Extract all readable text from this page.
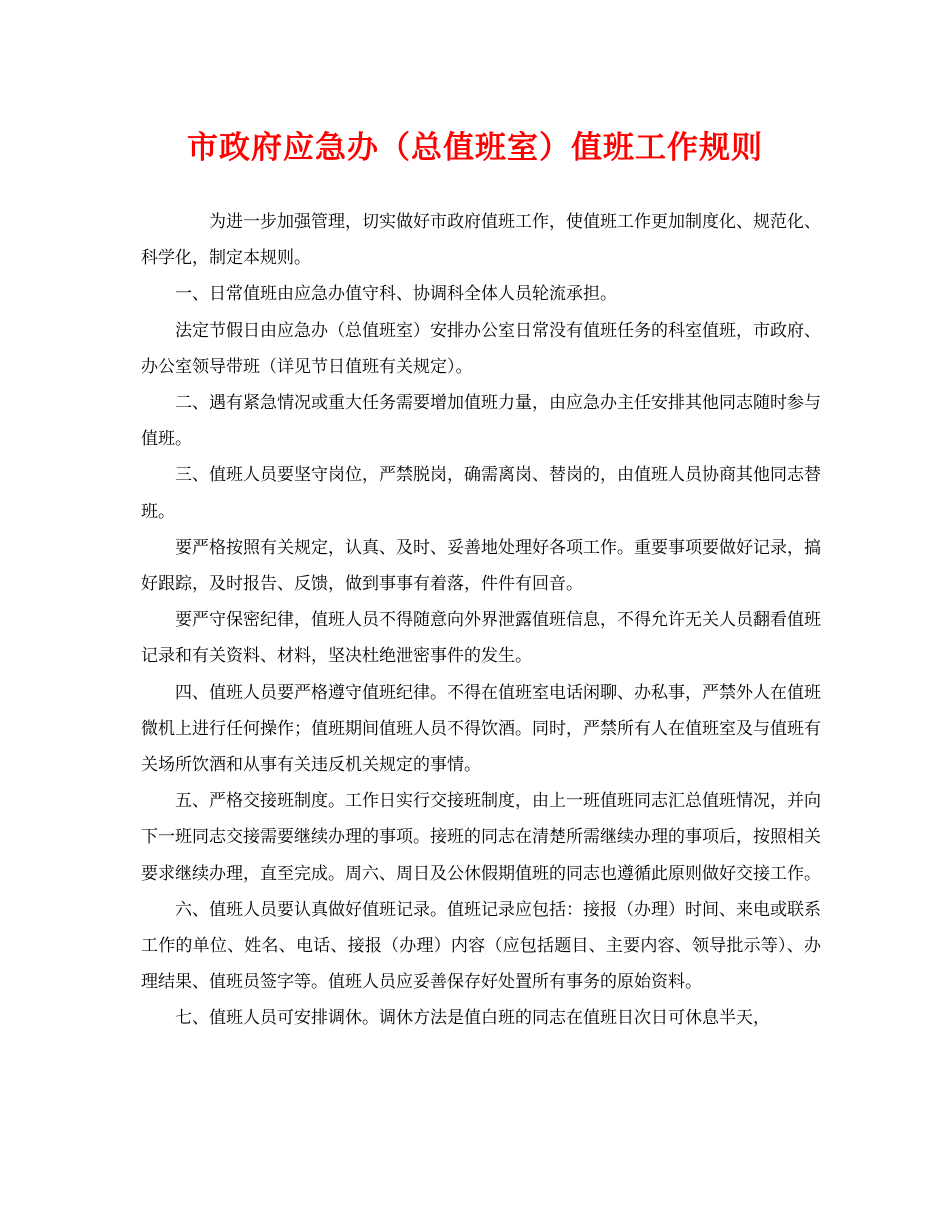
市政府应急办（总值班室）值班工作规则

为进一步加强管理，切实做好市政府值班工作，使值班工作更加制度化、规范化、科学化，制定本规则。

一、日常值班由应急办值守科、协调科全体人员轮流承担。

法定节假日由应急办（总值班室）安排办公室日常没有值班任务的科室值班，市政府、办公室领导带班（详见节日值班有关规定）。

二、遇有紧急情况或重大任务需要增加值班力量，由应急办主任安排其他同志随时参与值班。

三、值班人员要坚守岗位，严禁脱岗，确需离岗、替岗的，由值班人员协商其他同志替班。

要严格按照有关规定，认真、及时、妥善地处理好各项工作。重要事项要做好记录，搞好跟踪，及时报告、反馈，做到事事有着落，件件有回音。

要严守保密纪律，值班人员不得随意向外界泄露值班信息，不得允许无关人员翻看值班记录和有关资料、材料，坚决杜绝泄密事件的发生。

四、值班人员要严格遵守值班纪律。不得在值班室电话闲聊、办私事，严禁外人在值班微机上进行任何操作；值班期间值班人员不得饮酒。同时，严禁所有人在值班室及与值班有关场所饮酒和从事有关违反机关规定的事情。

五、严格交接班制度。工作日实行交接班制度，由上一班值班同志汇总值班情况，并向下一班同志交接需要继续办理的事项。接班的同志在清楚所需继续办理的事项后，按照相关要求继续办理，直至完成。周六、周日及公休假期值班的同志也遵循此原则做好交接工作。

六、值班人员要认真做好值班记录。值班记录应包括：接报（办理）时间、来电或联系工作的单位、姓名、电话、接报（办理）内容（应包括题目、主要内容、领导批示等）、办理结果、值班员签字等。值班人员应妥善保存好处置所有事务的原始资料。

七、值班人员可安排调休。调休方法是值白班的同志在值班日次日可休息半天，
